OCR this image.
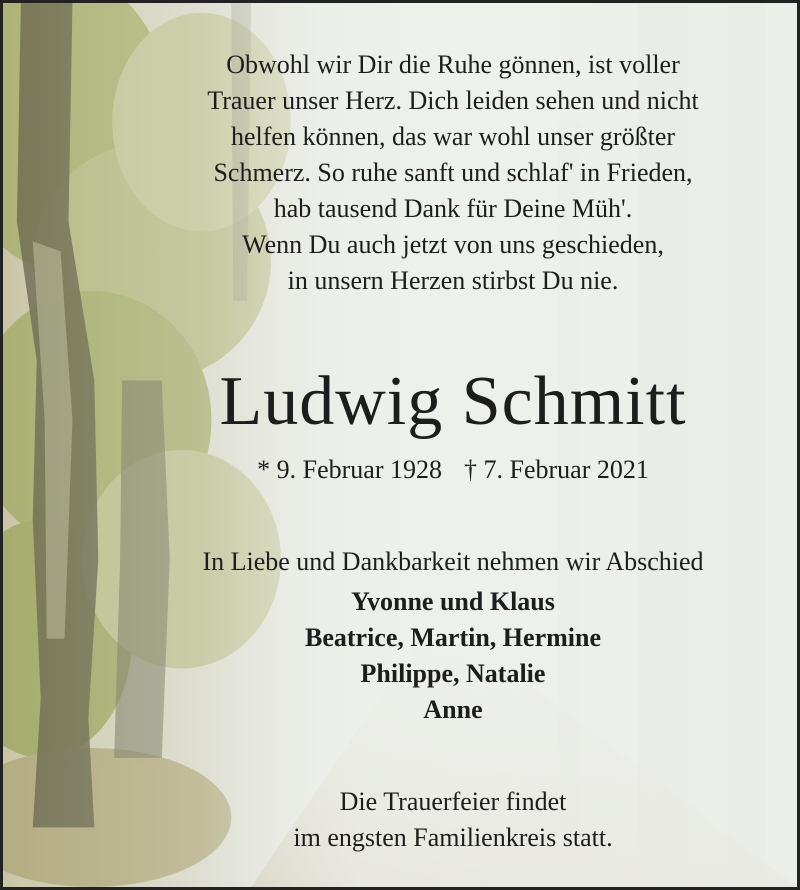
Obwohl wir Dir die Ruhe gönnen, ist voller
Trauer unser Herz. Dich leiden sehen und nicht
helfen können, das war wohl unser größter
Schmerz. So ruhe sanft und schlaf' in Frieden,
hab tausend Dank für Deine Müh'.
Wenn Du auch jetzt von uns geschieden,
in unsern Herzen stirbst Du nie.
Ludwig Schmitt
* 9. Februar 1928 † 7. Februar 2021
In Liebe und Dankbarkeit nehmen wir Abschied
Yvonne und Klaus
Beatrice, Martin, Hermine
Philippe, Natalie
Anne
Die Trauerfeier findet
im engsten Familienkreis statt.
